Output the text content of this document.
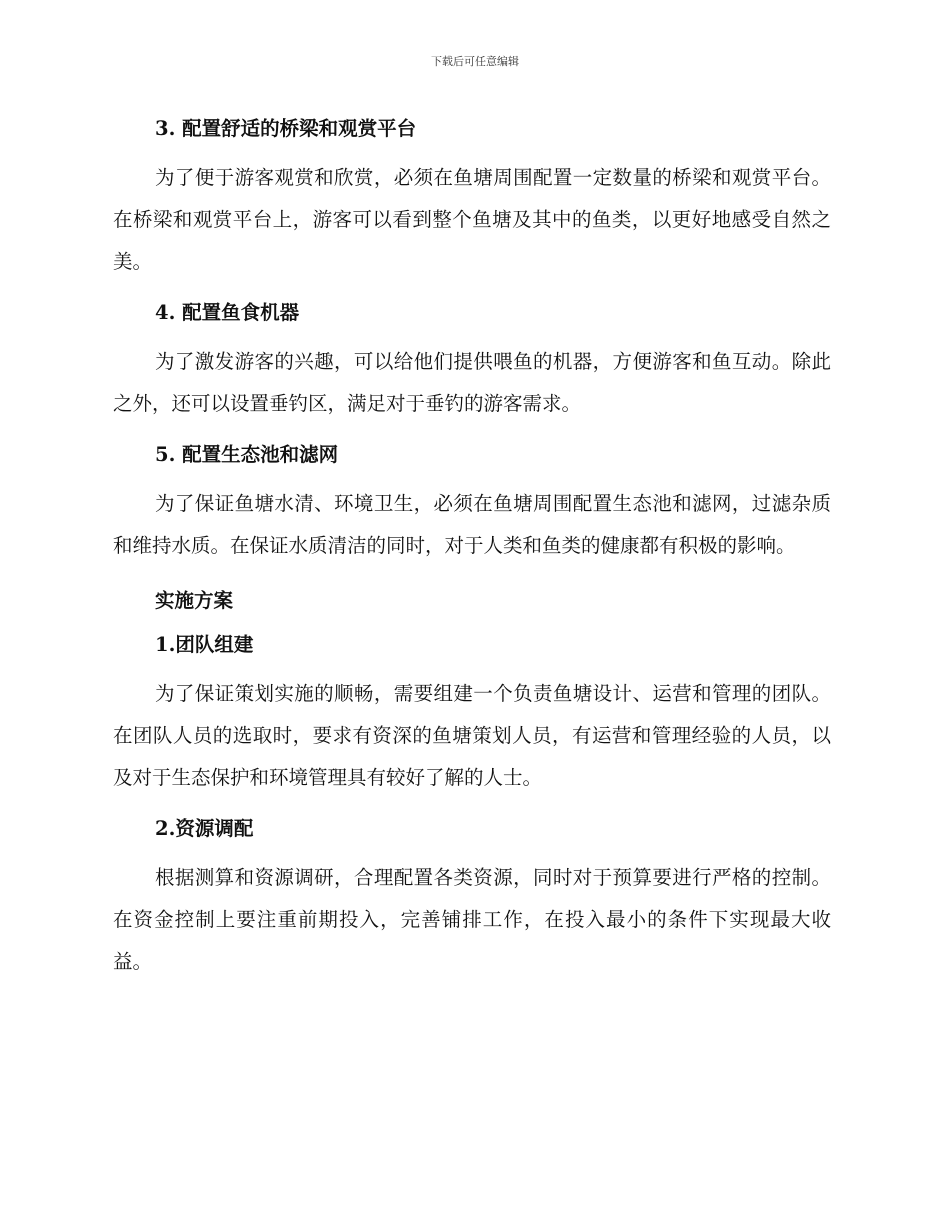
下载后可任意编辑
3. 配置舒适的桥梁和观赏平台

为了便于游客观赏和欣赏，必须在鱼塘周围配置一定数量的桥梁和观赏平台。在桥梁和观赏平台上，游客可以看到整个鱼塘及其中的鱼类，以更好地感受自然之美。

4. 配置鱼食机器

为了激发游客的兴趣，可以给他们提供喂鱼的机器，方便游客和鱼互动。除此之外，还可以设置垂钓区，满足对于垂钓的游客需求。

5. 配置生态池和滤网

为了保证鱼塘水清、环境卫生，必须在鱼塘周围配置生态池和滤网，过滤杂质和维持水质。在保证水质清洁的同时，对于人类和鱼类的健康都有积极的影响。

实施方案
1.团队组建

为了保证策划实施的顺畅，需要组建一个负责鱼塘设计、运营和管理的团队。在团队人员的选取时，要求有资深的鱼塘策划人员，有运营和管理经验的人员，以及对于生态保护和环境管理具有较好了解的人士。

2.资源调配

根据测算和资源调研，合理配置各类资源，同时对于预算要进行严格的控制。在资金控制上要注重前期投入，完善铺排工作，在投入最小的条件下实现最大收益。
